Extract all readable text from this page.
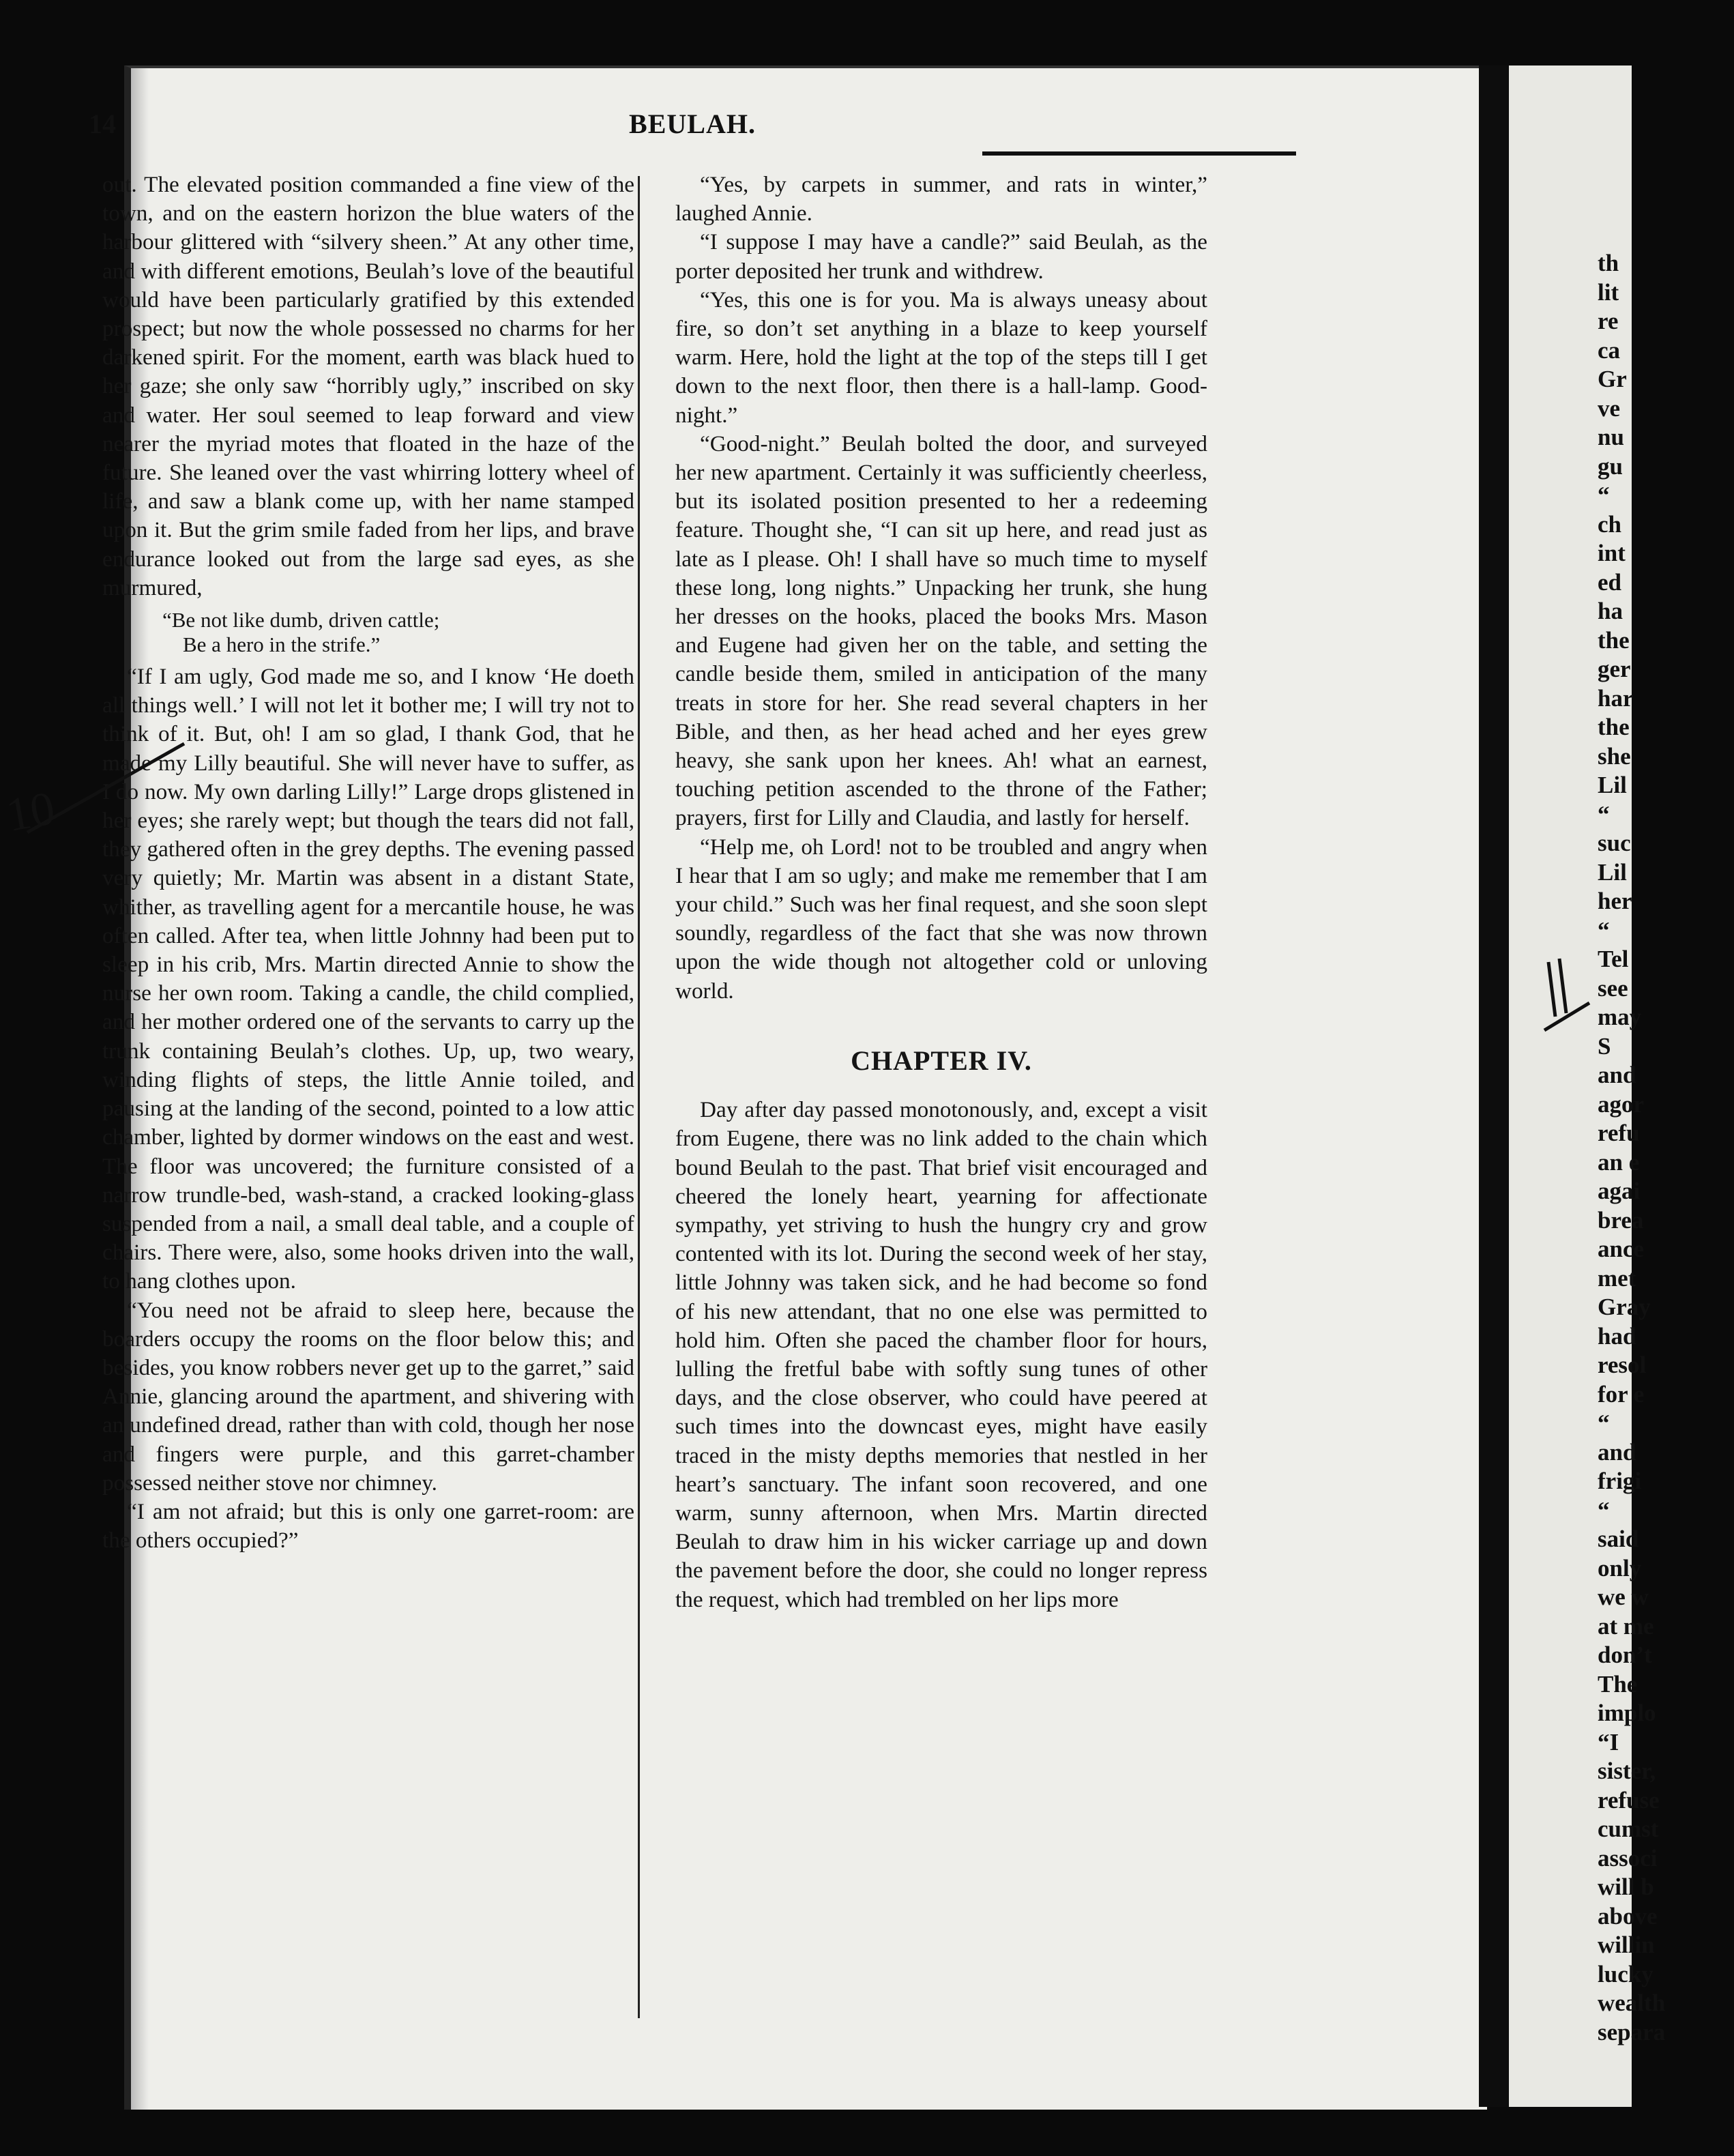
th
lit
re
ca
Gr
ve
nu
gu
“
ch
int
ed
ha
the
ger
har
the
she
Lil
“
suc
Lil
her
“
Tel
see
may
S
and
agor
refu
an e
agai
brea
ance
met
Gray
had
resol
for e
“
and
frigi
“
said
only
we w
at me
don’t
The
implo
“I
sister,
refuse
cumst
associ
will b
above
willin
lucky
wealth
separa
14	BEULAH.

out. The elevated position commanded a fine view of the town, and on the eastern horizon the blue waters of the harbour glittered with “silvery sheen.” At any other time, and with different emotions, Beulah’s love of the beautiful would have been particularly gratified by this extended prospect; but now the whole possessed no charms for her darkened spirit. For the moment, earth was black hued to her gaze; she only saw “horribly ugly,” inscribed on sky and water. Her soul seemed to leap forward and view nearer the myriad motes that floated in the haze of the future. She leaned over the vast whirring lottery wheel of life, and saw a blank come up, with her name stamped upon it. But the grim smile faded from her lips, and brave endurance looked out from the large sad eyes, as she murmured,

“Be not like dumb, driven cattle;
Be a hero in the strife.”

“If I am ugly, God made me so, and I know ‘He doeth all things well.’ I will not let it bother me; I will try not to think of it. But, oh! I am so glad, I thank God, that he made my Lilly beautiful. She will never have to suffer, as I do now. My own darling Lilly!” Large drops glistened in her eyes; she rarely wept; but though the tears did not fall, they gathered often in the grey depths. The evening passed very quietly; Mr. Martin was absent in a distant State, whither, as travelling agent for a mercantile house, he was often called. After tea, when little Johnny had been put to sleep in his crib, Mrs. Martin directed Annie to show the nurse her own room. Taking a candle, the child complied, and her mother ordered one of the servants to carry up the trunk containing Beulah’s clothes. Up, up, two weary, winding flights of steps, the little Annie toiled, and pausing at the landing of the second, pointed to a low attic chamber, lighted by dormer windows on the east and west. The floor was uncovered; the furniture consisted of a narrow trundle-bed, wash-stand, a cracked looking-glass suspended from a nail, a small deal table, and a couple of chairs. There were, also, some hooks driven into the wall, to hang clothes upon.

“You need not be afraid to sleep here, because the boarders occupy the rooms on the floor below this; and besides, you know robbers never get up to the garret,” said Annie, glancing around the apartment, and shivering with an undefined dread, rather than with cold, though her nose and fingers were purple, and this garret-chamber possessed neither stove nor chimney.

“I am not afraid; but this is only one garret-room: are the others occupied?”

“Yes, by carpets in summer, and rats in winter,” laughed Annie.

“I suppose I may have a candle?” said Beulah, as the porter deposited her trunk and withdrew.

“Yes, this one is for you. Ma is always uneasy about fire, so don’t set anything in a blaze to keep yourself warm. Here, hold the light at the top of the steps till I get down to the next floor, then there is a hall-lamp. Good-night.”

“Good-night.” Beulah bolted the door, and surveyed her new apartment. Certainly it was sufficiently cheerless, but its isolated position presented to her a redeeming feature. Thought she, “I can sit up here, and read just as late as I please. Oh! I shall have so much time to myself these long, long nights.” Unpacking her trunk, she hung her dresses on the hooks, placed the books Mrs. Mason and Eugene had given her on the table, and setting the candle beside them, smiled in anticipation of the many treats in store for her. She read several chapters in her Bible, and then, as her head ached and her eyes grew heavy, she sank upon her knees. Ah! what an earnest, touching petition ascended to the throne of the Father; prayers, first for Lilly and Claudia, and lastly for herself.

“Help me, oh Lord! not to be troubled and angry when I hear that I am so ugly; and make me remember that I am your child.” Such was her final request, and she soon slept soundly, regardless of the fact that she was now thrown upon the wide though not altogether cold or unloving world.

CHAPTER IV.

Day after day passed monotonously, and, except a visit from Eugene, there was no link added to the chain which bound Beulah to the past. That brief visit encouraged and cheered the lonely heart, yearning for affectionate sympathy, yet striving to hush the hungry cry and grow contented with its lot. During the second week of her stay, little Johnny was taken sick, and he had become so fond of his new attendant, that no one else was permitted to hold him. Often she paced the chamber floor for hours, lulling the fretful babe with softly sung tunes of other days, and the close observer, who could have peered at such times into the downcast eyes, might have easily traced in the misty depths memories that nestled in her heart’s sanctuary. The infant soon recovered, and one warm, sunny afternoon, when Mrs. Martin directed Beulah to draw him in his wicker carriage up and down the pavement before the door, she could no longer repress the request, which had trembled on her lips more

10
